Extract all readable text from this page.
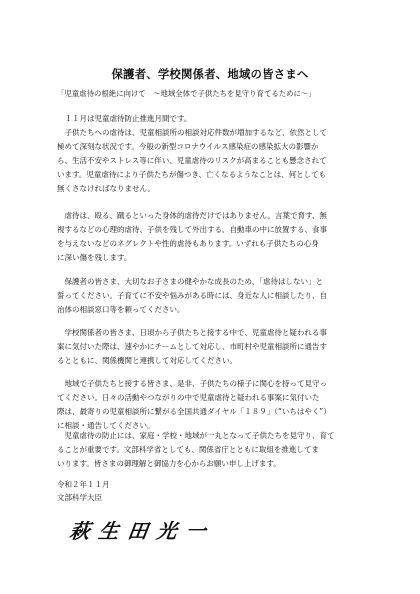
保護者、学校関係者、地域の皆さまへ
「児童虐待の根絶に向けて　～地域全体で子供たちを見守り育てるために～」
　１１月は児童虐待防止推進月間です。
　子供たちへの虐待は、児童相談所の相談対応件数が増加するなど、依然として
極めて深刻な状況です。今般の新型コロナウイルス感染症の感染拡大の影響か
ら、生活不安やストレス等に伴い、児童虐待のリスクが高まることも懸念されて
います。児童虐待により子供たちが傷つき、亡くなるようなことは、何としても
無くさなければなりません。
　虐待は、殴る、蹴るといった身体的虐待だけではありません。言葉で脅す、無
視するなどの心理的虐待、子供を残して外出する、自動車の中に放置する、食事
を与えないなどのネグレクトや性的虐待もあります。いずれも子供たちの心身
に深い傷を残します。
　保護者の皆さま、大切なお子さまの健やかな成長のため、「虐待はしない」と
誓ってください。子育てに不安や悩みがある時には、身近な人に相談したり、自
治体の相談窓口等を頼ってください。
　学校関係者の皆さま、日頃から子供たちと接する中で、児童虐待と疑われる事
案に気付いた際は、速やかにチームとして対応し、市町村や児童相談所に通告す
るとともに、関係機関と連携して対応してください。
　地域で子供たちと接する皆さま、是非、子供たちの様子に関心を持って見守っ
てください。日々の活動やつながりの中で児童虐待と疑われる事案に気付いた
際は、最寄りの児童相談所に繋がる全国共通ダイヤル「１８９」（“いちはやく”）
に相談・通告してください。
　児童虐待の防止には、家庭・学校・地域が一丸となって子供たちを見守り、育て
ることが重要です。文部科学省としても、関係省庁とともに取組を推進してま
いります。皆さまの御理解と御協力を心からお願い申し上げます。
令和２年１１月
文部科学大臣
萩生田光一
